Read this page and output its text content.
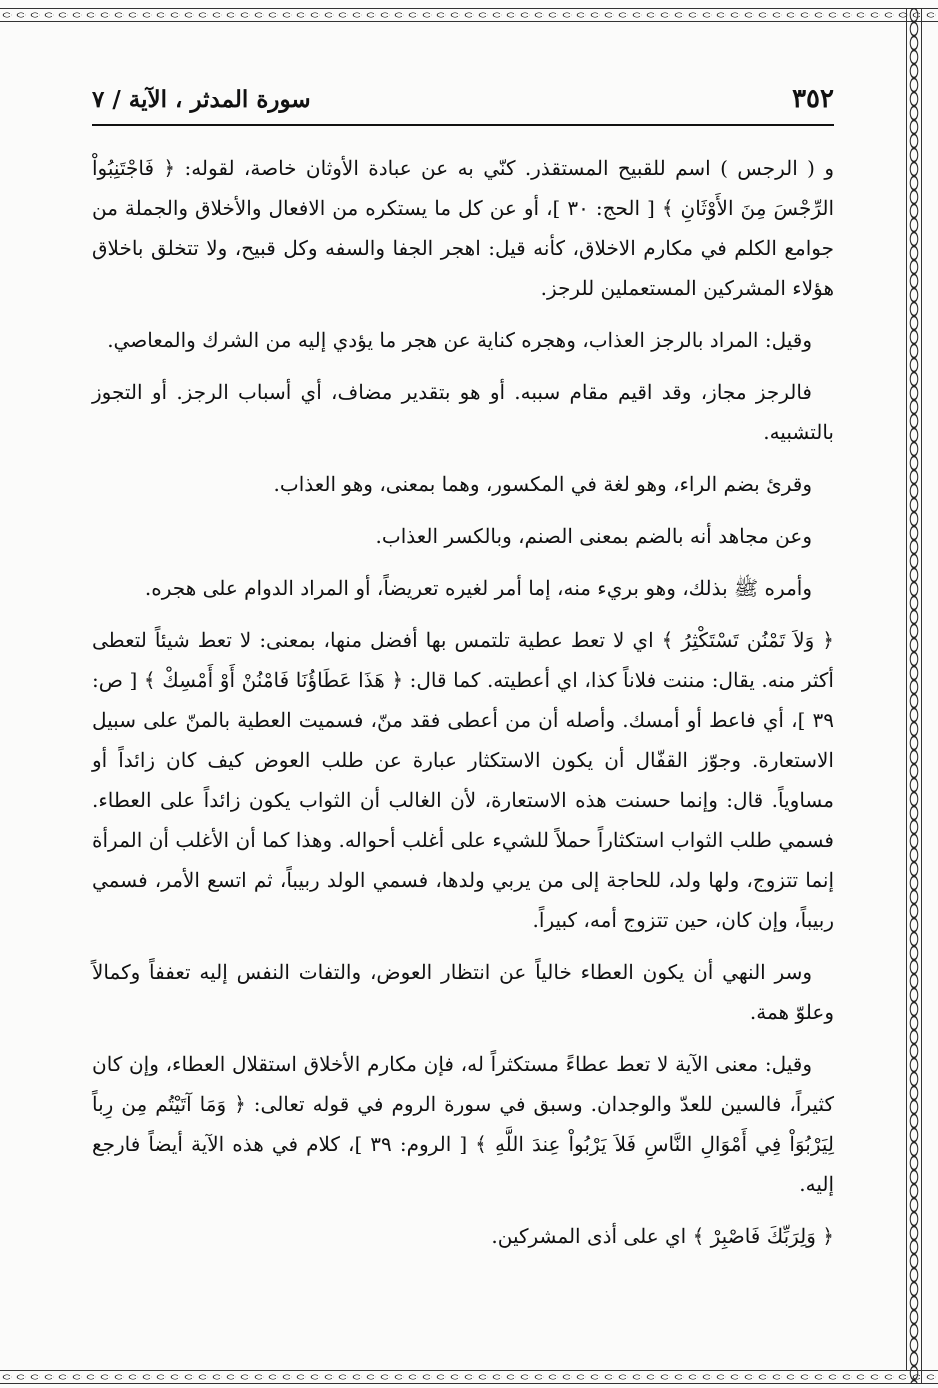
٣٥٢
سورة المدثر ، الآية / ٧

و ( الرجس ) اسم للقبيح المستقذر. كنّي به عن عبادة الأوثان خاصة، لقوله: ﴿ فَاجْتَنِبُواْ الرِّجْسَ مِنَ الأَوْثَانِ ﴾ [ الحج: ٣٠ ]، أو عن كل ما يستكره من الافعال والأخلاق والجملة من جوامع الكلم في مكارم الاخلاق، كأنه قيل: اهجر الجفا والسفه وكل قبيح، ولا تتخلق باخلاق هؤلاء المشركين المستعملين للرجز.

وقيل: المراد بالرجز العذاب، وهجره كناية عن هجر ما يؤدي إليه من الشرك والمعاصي.

فالرجز مجاز، وقد اقيم مقام سببه. أو هو بتقدير مضاف، أي أسباب الرجز. أو التجوز بالتشبيه.

وقرئ بضم الراء، وهو لغة في المكسور، وهما بمعنى، وهو العذاب.

وعن مجاهد أنه بالضم بمعنى الصنم، وبالكسر العذاب.

وأمره ﷺ بذلك، وهو بريء منه، إما أمر لغيره تعريضاً، أو المراد الدوام على هجره.

﴿ وَلاَ تَمْنُن تَسْتَكْثِرُ ﴾ اي لا تعط عطية تلتمس بها أفضل منها، بمعنى: لا تعط شيئاً لتعطى أكثر منه. يقال: مننت فلاناً كذا، اي أعطيته. كما قال: ﴿ هَذَا عَطَاؤُنَا فَامْنُنْ أَوْ أَمْسِكْ ﴾ [ ص: ٣٩ ]، أي فاعط أو أمسك. وأصله أن من أعطى فقد منّ، فسميت العطية بالمنّ على سبيل الاستعارة. وجوّز القفّال أن يكون الاستكثار عبارة عن طلب العوض كيف كان زائداً أو مساوياً. قال: وإنما حسنت هذه الاستعارة، لأن الغالب أن الثواب يكون زائداً على العطاء. فسمي طلب الثواب استكثاراً حملاً للشيء على أغلب أحواله. وهذا كما أن الأغلب أن المرأة إنما تتزوج، ولها ولد، للحاجة إلى من يربي ولدها، فسمي الولد ربيباً، ثم اتسع الأمر، فسمي ربيباً، وإن كان، حين تتزوج أمه، كبيراً.

وسر النهي أن يكون العطاء خالياً عن انتظار العوض، والتفات النفس إليه تعففاً وكمالاً وعلوّ همة.

وقيل: معنى الآية لا تعط عطاءً مستكثراً له، فإن مكارم الأخلاق استقلال العطاء، وإن كان كثيراً، فالسين للعدّ والوجدان. وسبق في سورة الروم في قوله تعالى: ﴿ وَمَا آتَيْتُم مِن رِباً لِيَرْبُوَاْ فِي أَمْوَالِ النَّاسِ فَلاَ يَرْبُواْ عِندَ اللَّهِ ﴾ [ الروم: ٣٩ ]، كلام في هذه الآية أيضاً فارجع إليه.

﴿ وَلِرَبِّكَ فَاصْبِرْ ﴾ اي على أذى المشركين.
